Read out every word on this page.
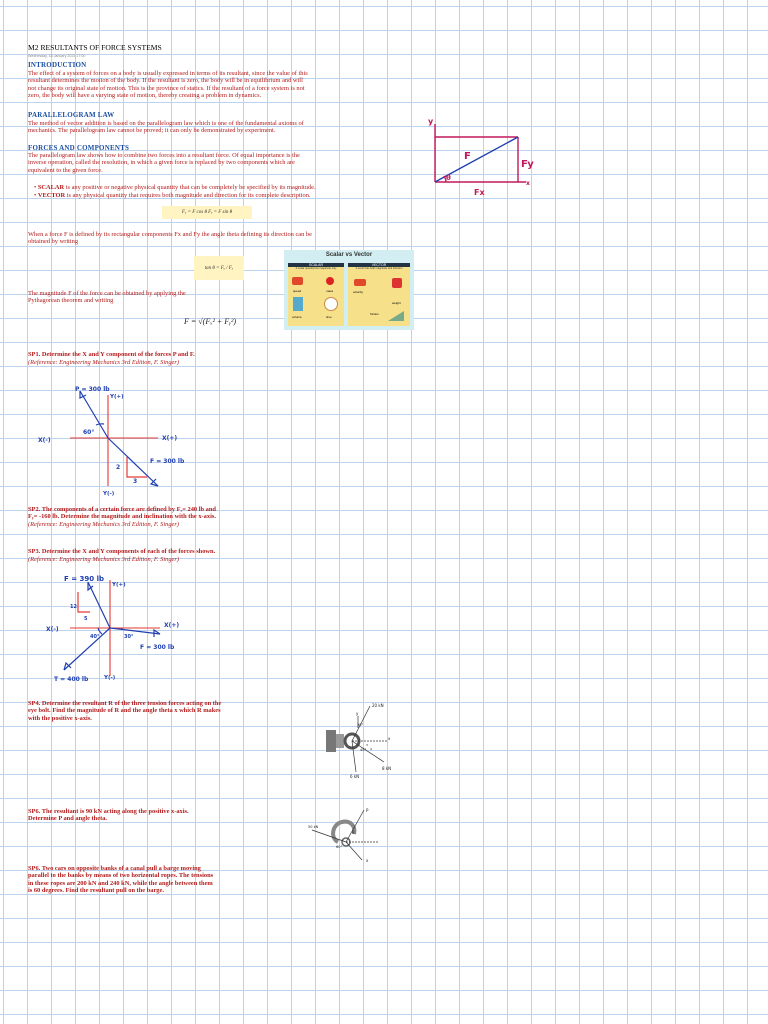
M2 RESULTANTS OF FORCE SYSTEMS
Wednesday, 18 January 2023 17:00
INTRODUCTION
The effect of a system of forces on a body is usually expressed in terms of its resultant, since the value of this
resultant determines the motion of the body. If the resultant is zero, the body will be in equilibrium and will
not change its original state of motion. This is the province of statics. If the resultant of a force system is not
zero, the body will have a varying state of motion, thereby creating a problem in dynamics.
PARALLELOGRAM LAW
The method of vector addition is based on the parallelogram law which is one of the fundamental axioms of
mechanics. The parallelogram law cannot be proved; it can only be demonstrated by experiment.
FORCES AND COMPONENTS
The parallelogram law shows how to combine two forces into a resultant force. Of equal importance is the
inverse operation, called the resolution, in which a given force is replaced by two components which are
equivalent to the given force.
• SCALAR is any positive or negative physical quantity that can be completely be specified by its magnitude.
• VECTOR is any physical quantity that requires both magnitude and direction for its complete description.
Fₓ = F cos θ Fᵧ = F sin θ
When a force F is defined by its rectangular components Fx and Fy the angle theta defining its direction can be
obtained by writing
tan θ = Fᵧ / Fₓ
The magnitude F of the force can be obtained by applying the
Pythagorean theorem and writing
F = √(Fₓ² + Fᵧ²)
y
x
F
Fy
Fx
θ
Scalar vs Vector
SCALAR
A scalar quantity has magnitude only
speed	mass
volume	time
VECTOR
A vector has both magnitude and direction
velocity
weight
friction
SP1. Determine the X and Y component of the forces P and F.
(Reference: Engineering Mechanics 3rd Edition, F. Singer)
P = 300 lb
Y(+)
X(-)	X(+)
60°
F = 300 lb
2
3
Y(-)
SP2. The components of a certain force are defined by Fₓ= 240 lb and
Fᵧ= -160 lb. Determine the magnitude and inclination with the x-axis.
(Reference: Engineering Mechanics 3rd Edition, F. Singer)
SP3. Determine the X and Y components of each of the forces shown.
(Reference: Engineering Mechanics 3rd Edition, F. Singer)
F = 390 lb
Y(+)
12
5
X(-)
X(+)
40°	30°
F = 300 lb
T = 400 lb	Y(-)
SP4. Determine the resultant R of the three tension forces acting on the
eye bolt. Find the magnitude of R and the angle theta x which R makes
with the positive x-axis.
20 kN
y
30°
45°
3
4
x
8 kN
6 kN
SP6. The resultant is 90 kN acting along the positive x-axis.
Determine P and angle theta.
50 kN
60°
θ
P
x
SP6. Two cars on opposite banks of a canal pull a barge moving
parallel to the banks by means of two horizontal ropes. The tensions
in these ropes are 200 kN and 240 kN, while the angle between them
is 60 degrees. Find the resultant pull on the barge.
